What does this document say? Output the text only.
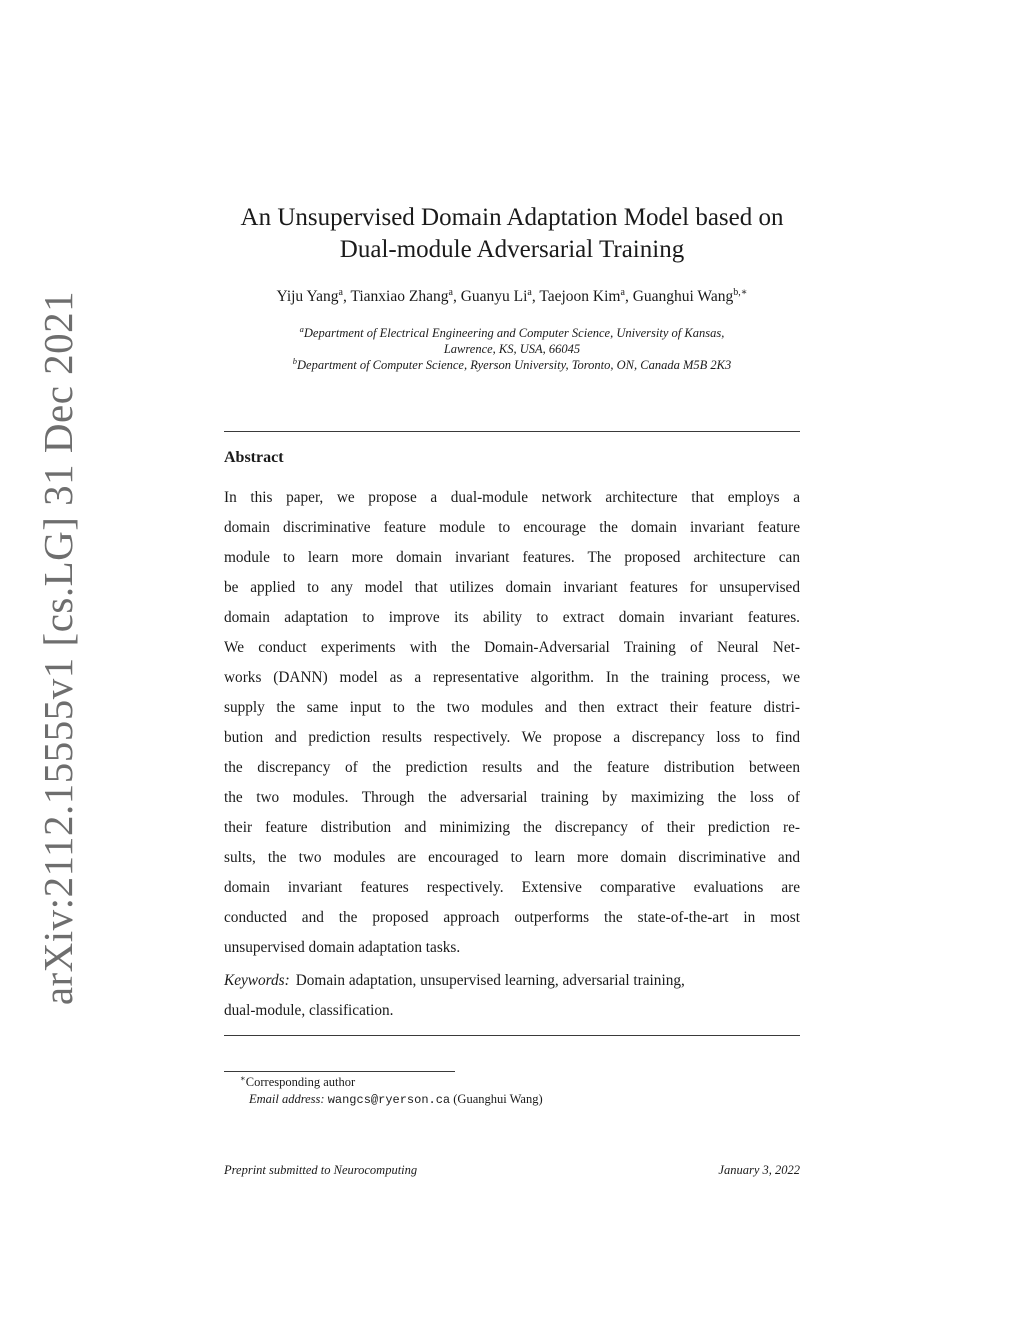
arXiv:2112.15555v1 [cs.LG] 31 Dec 2021
An Unsupervised Domain Adaptation Model based on
Dual-module Adversarial Training
Yiju Yang$^a$, Tianxiao Zhang$^a$, Guanyu Li$^a$, Taejoon Kim$^a$, Guanghui Wang$^{b,∗}$
$^a$Department of Electrical Engineering and Computer Science, University of Kansas,
Lawrence, KS, USA, 66045
$^b$Department of Computer Science, Ryerson University, Toronto, ON, Canada M5B 2K3
Abstract
In this paper, we propose a dual-module network architecture that employs a
domain discriminative feature module to encourage the domain invariant feature
module to learn more domain invariant features. The proposed architecture can
be applied to any model that utilizes domain invariant features for unsupervised
domain adaptation to improve its ability to extract domain invariant features.
We conduct experiments with the Domain-Adversarial Training of Neural Net-
works (DANN) model as a representative algorithm. In the training process, we
supply the same input to the two modules and then extract their feature distri-
bution and prediction results respectively. We propose a discrepancy loss to find
the discrepancy of the prediction results and the feature distribution between
the two modules. Through the adversarial training by maximizing the loss of
their feature distribution and minimizing the discrepancy of their prediction re-
sults, the two modules are encouraged to learn more domain discriminative and
domain invariant features respectively. Extensive comparative evaluations are
conducted and the proposed approach outperforms the state-of-the-art in most
unsupervised domain adaptation tasks.
Keywords: Domain adaptation, unsupervised learning, adversarial training,
dual-module, classification.
∗Corresponding author
Email address: wangcs@ryerson.ca (Guanghui Wang)
Preprint submitted to Neurocomputing	January 3, 2022
